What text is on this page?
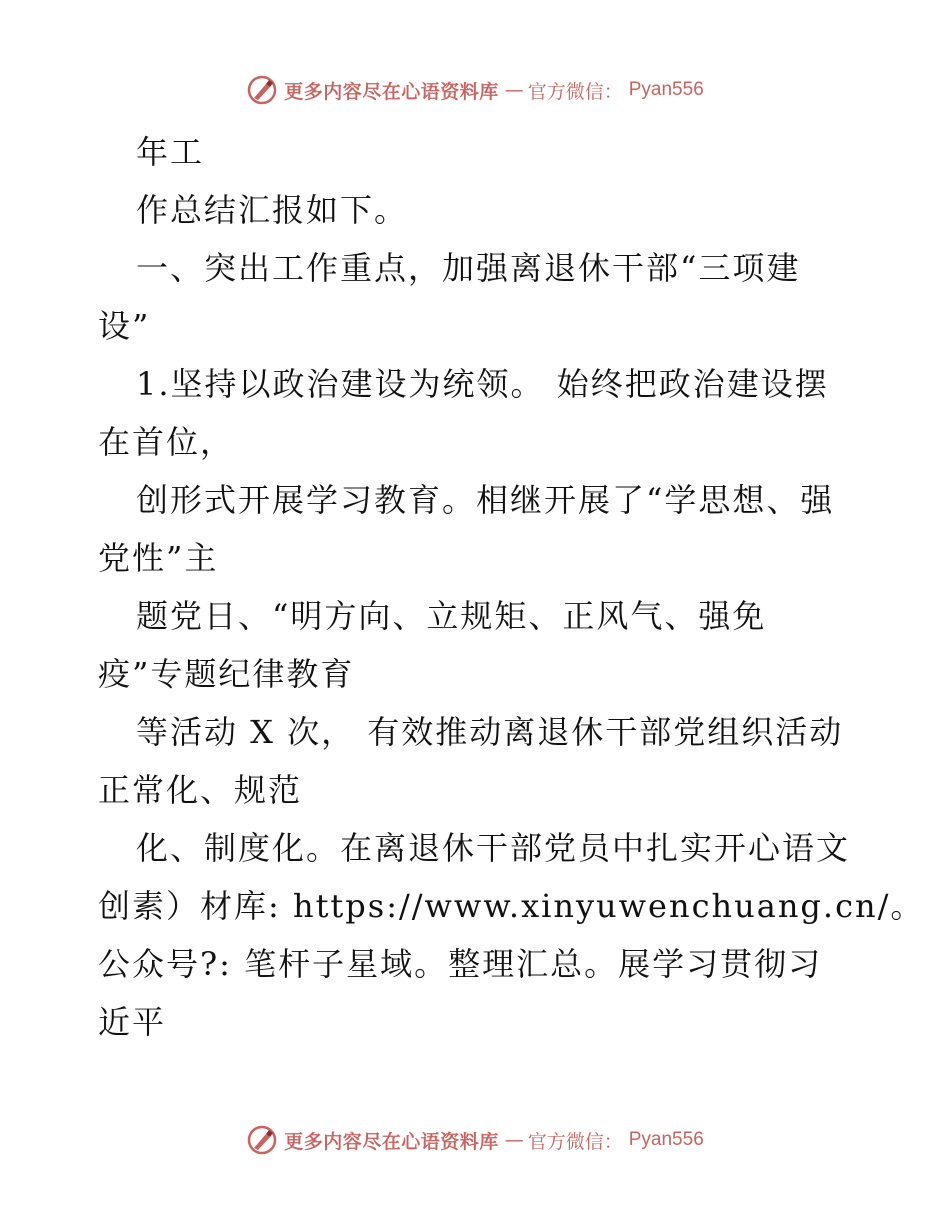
更多内容尽在心语资料库 — 官方微信： Pyan556
年工
作总结汇报如下。
一、突出工作重点，加强离退休干部“三项建
设”
1.坚持以政治建设为统领。 始终把政治建设摆
在首位，
创形式开展学习教育。相继开展了“学思想、强
党性”主
题党日、“明方向、立规矩、正风气、强免
疫”专题纪律教育
等活动 X 次， 有效推动离退休干部党组织活动
正常化、规范
化、制度化。在离退休干部党员中扎实开心语文
创素）材库: https://www.xinyuwenchuang.cn/。
公众号?: 笔杆子星域。整理汇总。展学习贯彻习
近平
更多内容尽在心语资料库 — 官方微信： Pyan556
